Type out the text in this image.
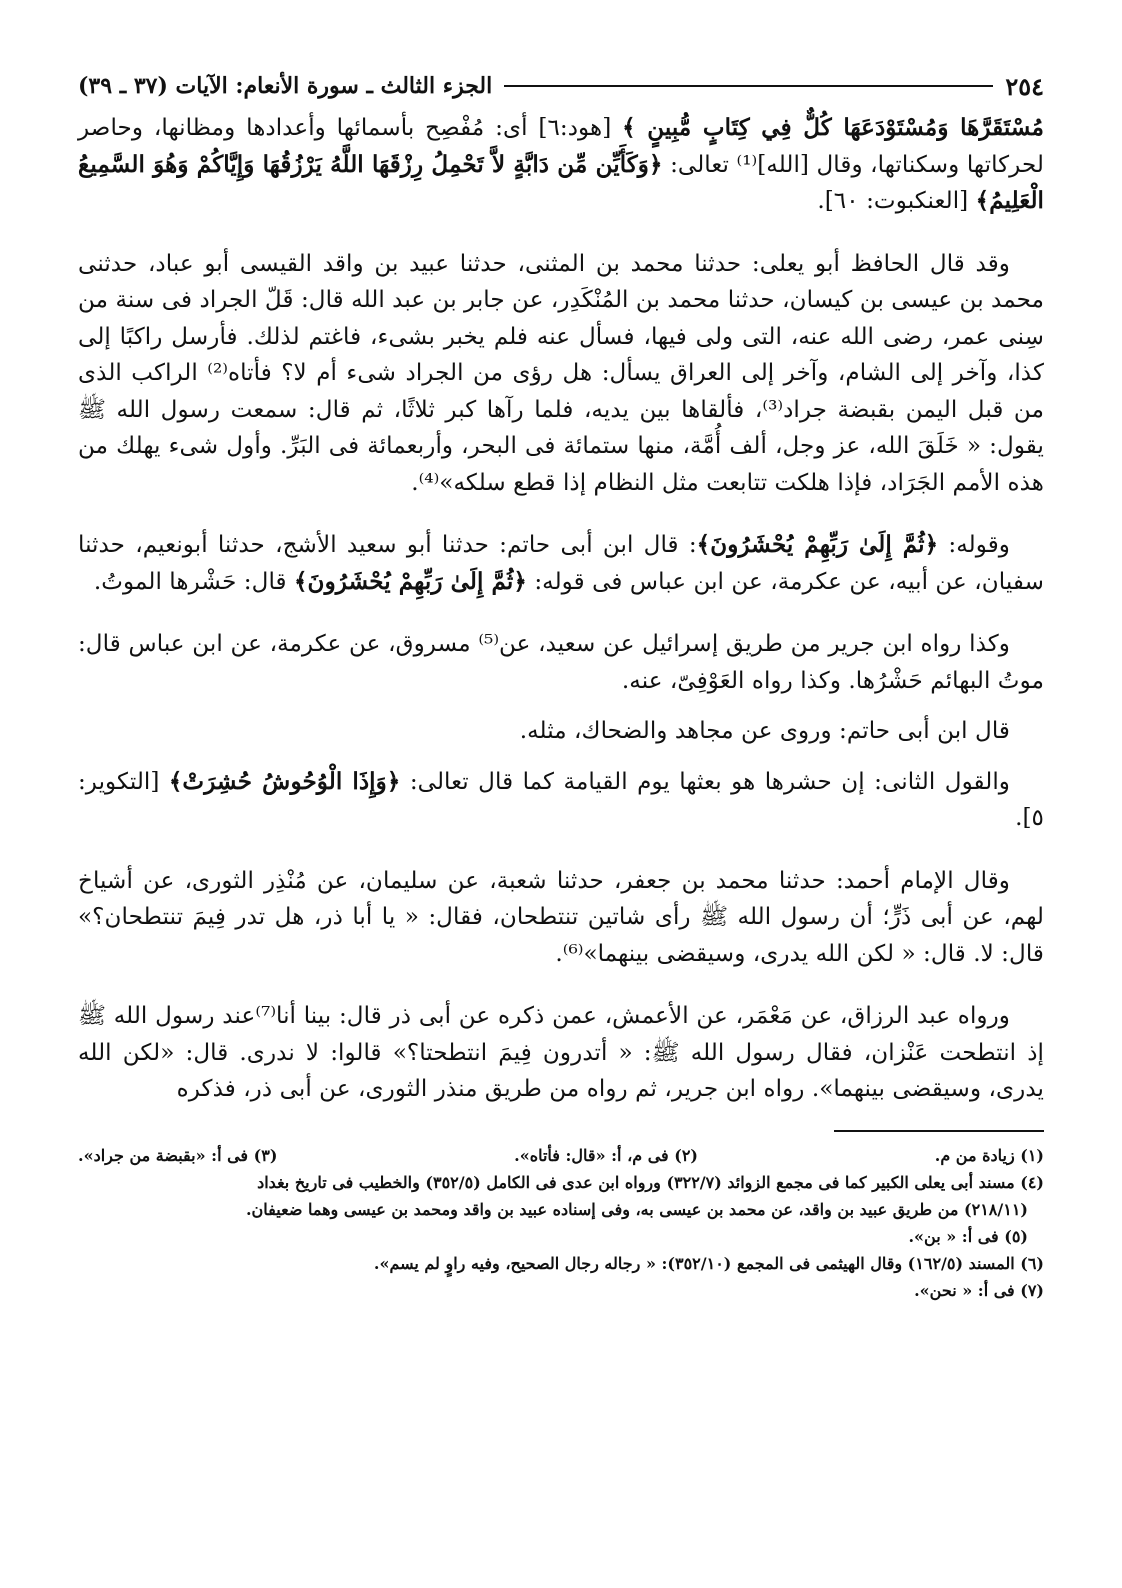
٢٥٤
الجزء الثالث ـ سورة الأنعام: الآيات (٣٧ ـ ٣٩)

مُسْتَقَرَّهَا وَمُسْتَوْدَعَهَا كُلٌّ فِي كِتَابٍ مُّبِينٍ ﴾ [هود:٦] أى: مُفْصِح بأسمائها وأعدادها ومظانها، وحاصر لحركاتها وسكناتها، وقال [الله]⁽¹⁾ تعالى: ﴿وَكَأَيِّن مِّن دَابَّةٍ لاَّ تَحْمِلُ رِزْقَهَا اللَّهُ يَرْزُقُهَا وَإِيَّاكُمْ وَهُوَ السَّمِيعُ الْعَلِيمُ﴾ [العنكبوت: ٦٠].

وقد قال الحافظ أبو يعلى: حدثنا محمد بن المثنى، حدثنا عبيد بن واقد القيسى أبو عباد، حدثنى محمد بن عيسى بن كيسان، حدثنا محمد بن المُنْكَدِر، عن جابر بن عبد الله قال: قَلّ الجراد فى سنة من سِنى عمر، رضى الله عنه، التى ولى فيها، فسأل عنه فلم يخبر بشىء، فاغتم لذلك. فأرسل راكبًا إلى كذا، وآخر إلى الشام، وآخر إلى العراق يسأل: هل رؤى من الجراد شىء أم لا؟ فأتاه⁽²⁾ الراكب الذى من قبل اليمن بقبضة جراد⁽³⁾، فألقاها بين يديه، فلما رآها كبر ثلاثًا، ثم قال: سمعت رسول الله ﷺ يقول: « خَلَقَ الله، عز وجل، ألف أُمَّة، منها ستمائة فى البحر، وأربعمائة فى البَرِّ. وأول شىء يهلك من هذه الأمم الجَرَاد، فإذا هلكت تتابعت مثل النظام إذا قطع سلكه»⁽⁴⁾.

وقوله: ﴿ثُمَّ إِلَىٰ رَبِّهِمْ يُحْشَرُونَ﴾: قال ابن أبى حاتم: حدثنا أبو سعيد الأشج، حدثنا أبونعيم، حدثنا سفيان، عن أبيه، عن عكرمة، عن ابن عباس فى قوله: ﴿ثُمَّ إِلَىٰ رَبِّهِمْ يُحْشَرُونَ﴾ قال: حَشْرها الموتُ.

وكذا رواه ابن جرير من طريق إسرائيل عن سعيد، عن⁽⁵⁾ مسروق، عن عكرمة، عن ابن عباس قال: موتُ البهائم حَشْرُها. وكذا رواه العَوْفِىّ، عنه.

قال ابن أبى حاتم: وروى عن مجاهد والضحاك، مثله.

والقول الثانى: إن حشرها هو بعثها يوم القيامة كما قال تعالى: ﴿وَإِذَا الْوُحُوشُ حُشِرَتْ﴾ [التكوير: ٥].

وقال الإمام أحمد: حدثنا محمد بن جعفر، حدثنا شعبة، عن سليمان، عن مُنْذِر الثورى، عن أشياخ لهم، عن أبى ذَرٍّ؛ أن رسول الله ﷺ رأى شاتين تنتطحان، فقال: « يا أبا ذر، هل تدر فِيمَ تنتطحان؟» قال: لا. قال: « لكن الله يدرى، وسيقضى بينهما»⁽⁶⁾.

ورواه عبد الرزاق، عن مَعْمَر، عن الأعمش، عمن ذكره عن أبى ذر قال: بينا أنا⁽⁷⁾عند رسول الله ﷺ إذ انتطحت عَنْزان، فقال رسول الله ﷺ: « أتدرون فِيمَ انتطحتا؟» قالوا: لا ندرى. قال: «لكن الله يدرى، وسيقضى بينهما». رواه ابن جرير، ثم رواه من طريق منذر الثورى، عن أبى ذر، فذكره

(١) زيادة من م.
(٢) فى م، أ: «قال: فأتاه».
(٣) فى أ: «بقبضة من جراد».
(٤) مسند أبى يعلى الكبير كما فى مجمع الزوائد (٣٢٢/٧) ورواه ابن عدى فى الكامل (٣٥٢/٥) والخطيب فى تاريخ بغداد
(٢١٨/١١) من طريق عبيد بن واقد، عن محمد بن عيسى به، وفى إسناده عبيد بن واقد ومحمد بن عيسى وهما ضعيفان.
(٥) فى أ: « بن».
(٦) المسند (١٦٢/٥) وقال الهيثمى فى المجمع (٣٥٢/١٠): « رجاله رجال الصحيح، وفيه راوٍ لم يسم».
(٧) فى أ: « نحن».
